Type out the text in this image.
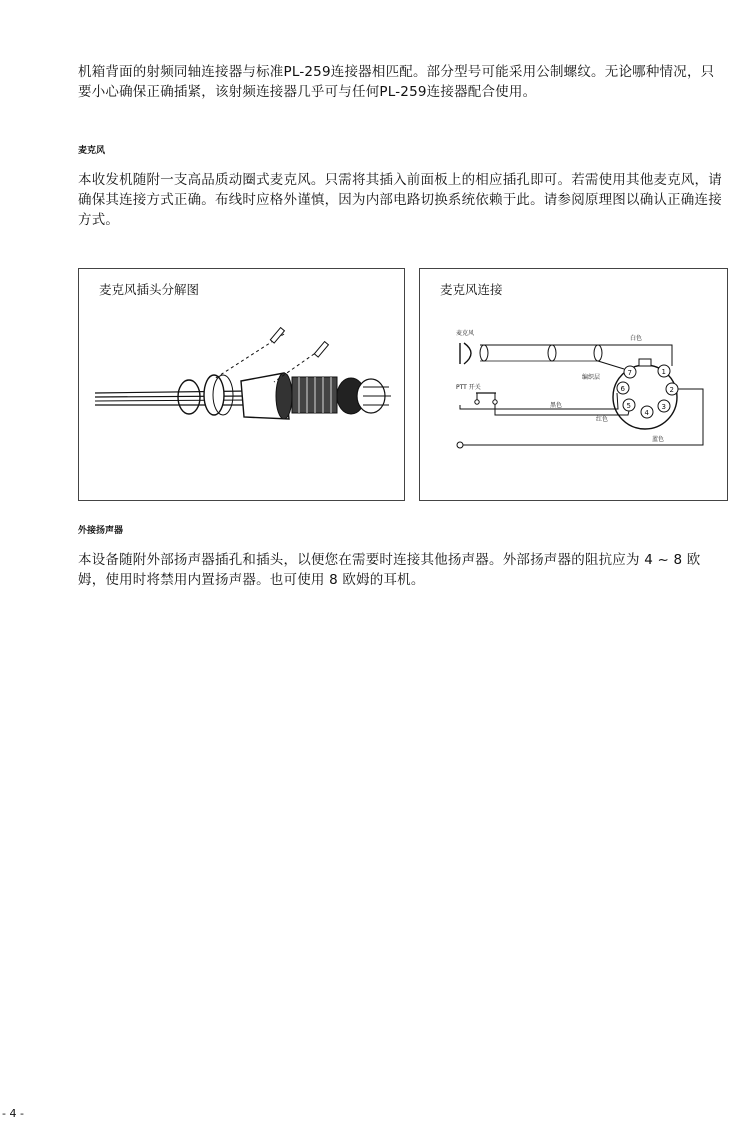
机箱背面的射频同轴连接器与标准PL-259连接器相匹配。部分型号可能采用公制螺纹。无论哪种情况，只要小心确保正确插紧，该射频连接器几乎可与任何PL-259连接器配合使用。

麦克风

本收发机随附一支高品质动圈式麦克风。只需将其插入前面板上的相应插孔即可。若需使用其他麦克风，请确保其连接方式正确。布线时应格外谨慎，因为内部电路切换系统依赖于此。请参阅原理图以确认正确连接方式。

麦克风插头分解图	麦克风连接
麦克风
白色
编织层
1
2
3
4
5
6
7
PTT 开关
黑色
红色
蓝色

外接扬声器

本设备随附外部扬声器插孔和插头，以便您在需要时连接其他扬声器。外部扬声器的阻抗应为 4 ~ 8 欧姆，使用时将禁用内置扬声器。也可使用 8 欧姆的耳机。

- 4 -
